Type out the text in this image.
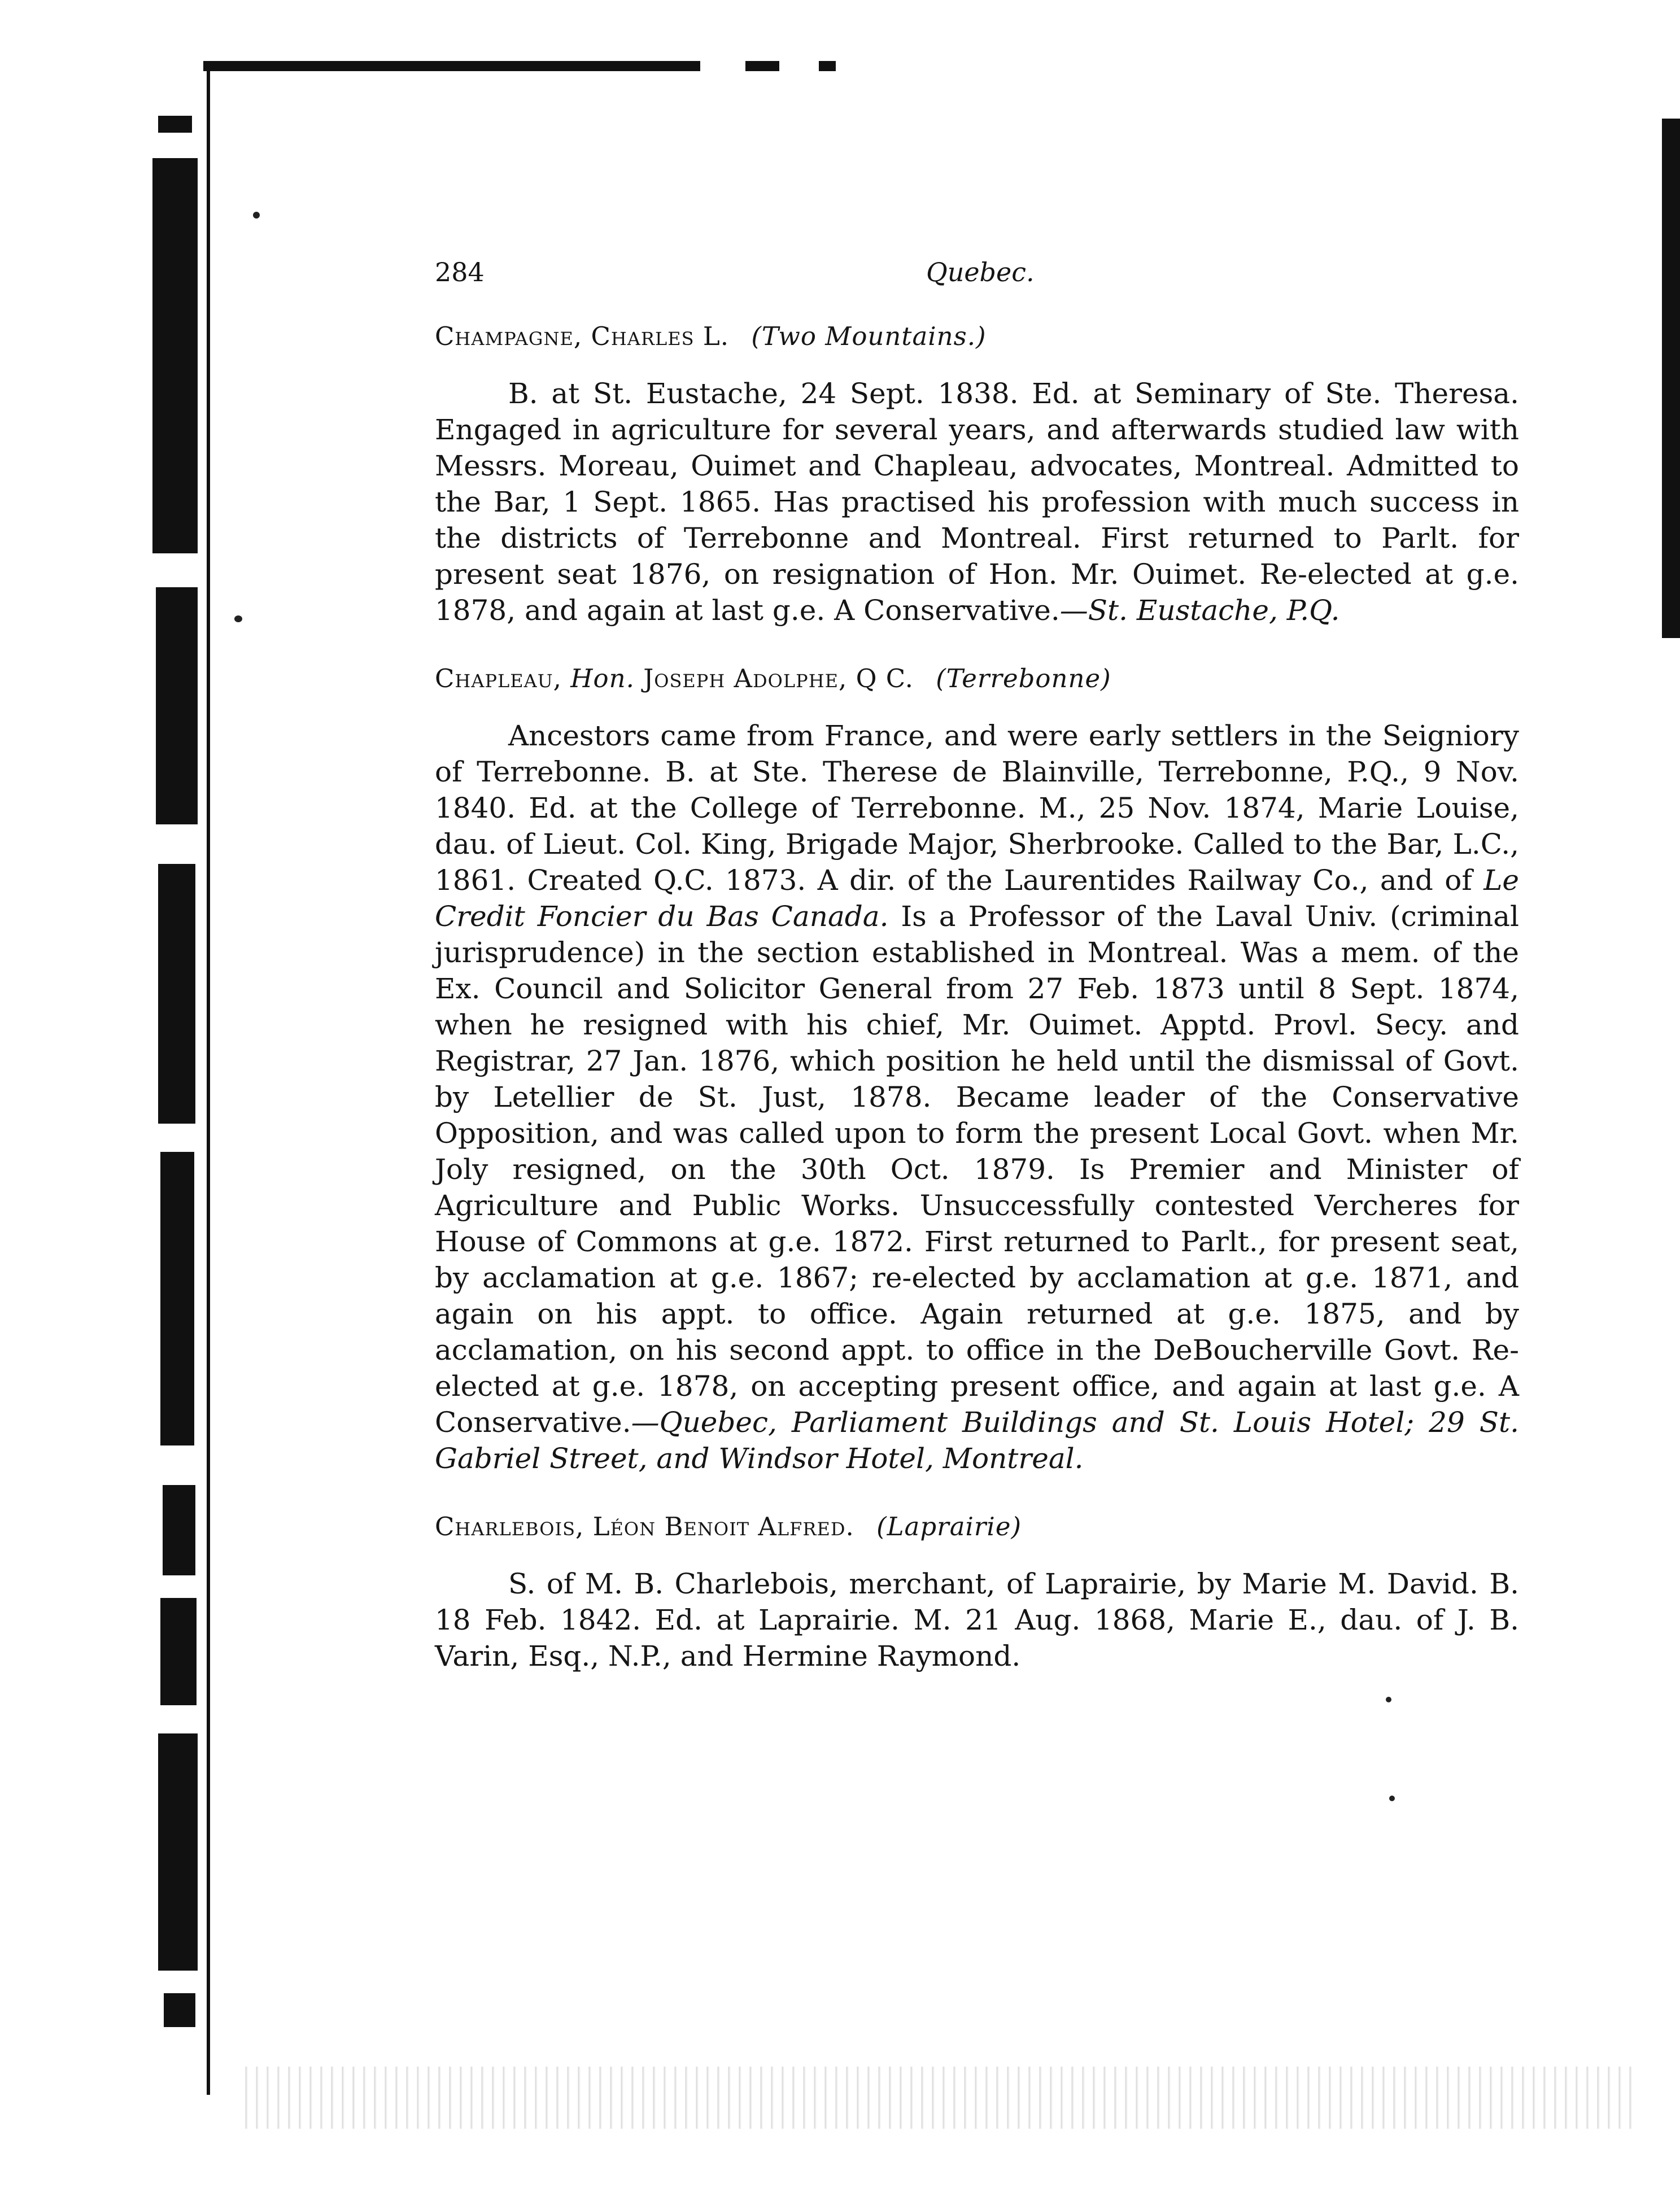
284	Quebec.
Champagne, Charles L. (Two Mountains.)

B. at St. Eustache, 24 Sept. 1838. Ed. at Seminary of Ste. Theresa. Engaged in agriculture for several years, and afterwards studied law with Messrs. Moreau, Ouimet and Chapleau, advocates, Montreal. Admitted to the Bar, 1 Sept. 1865. Has practised his profession with much success in the districts of Terrebonne and Montreal. First returned to Parlt. for present seat 1876, on resignation of Hon. Mr. Ouimet. Re-elected at g.e. 1878, and again at last g.e. A Conservative.—St. Eustache, P.Q.

Chapleau, Hon. Joseph Adolphe, Q C. (Terrebonne)

Ancestors came from France, and were early settlers in the Seigniory of Terrebonne. B. at Ste. Therese de Blainville, Terrebonne, P.Q., 9 Nov. 1840. Ed. at the College of Terrebonne. M., 25 Nov. 1874, Marie Louise, dau. of Lieut. Col. King, Brigade Major, Sherbrooke. Called to the Bar, L.C., 1861. Created Q.C. 1873. A dir. of the Laurentides Railway Co., and of Le Credit Foncier du Bas Canada. Is a Professor of the Laval Univ. (criminal jurisprudence) in the section established in Montreal. Was a mem. of the Ex. Council and Solicitor General from 27 Feb. 1873 until 8 Sept. 1874, when he resigned with his chief, Mr. Ouimet. Apptd. Provl. Secy. and Registrar, 27 Jan. 1876, which position he held until the dismissal of Govt. by Letellier de St. Just, 1878. Became leader of the Conservative Opposition, and was called upon to form the present Local Govt. when Mr. Joly resigned, on the 30th Oct. 1879. Is Premier and Minister of Agriculture and Public Works. Unsuccessfully contested Vercheres for House of Commons at g.e. 1872. First returned to Parlt., for present seat, by acclamation at g.e. 1867; re-elected by acclamation at g.e. 1871, and again on his appt. to office. Again returned at g.e. 1875, and by acclamation, on his second appt. to office in the DeBoucherville Govt. Re-elected at g.e. 1878, on accepting present office, and again at last g.e. A Conservative.—Quebec, Parliament Buildings and St. Louis Hotel; 29 St. Gabriel Street, and Windsor Hotel, Montreal.

Charlebois, Léon Benoit Alfred. (Laprairie)

S. of M. B. Charlebois, merchant, of Laprairie, by Marie M. David. B. 18 Feb. 1842. Ed. at Laprairie. M. 21 Aug. 1868, Marie E., dau. of J. B. Varin, Esq., N.P., and Hermine Raymond.
